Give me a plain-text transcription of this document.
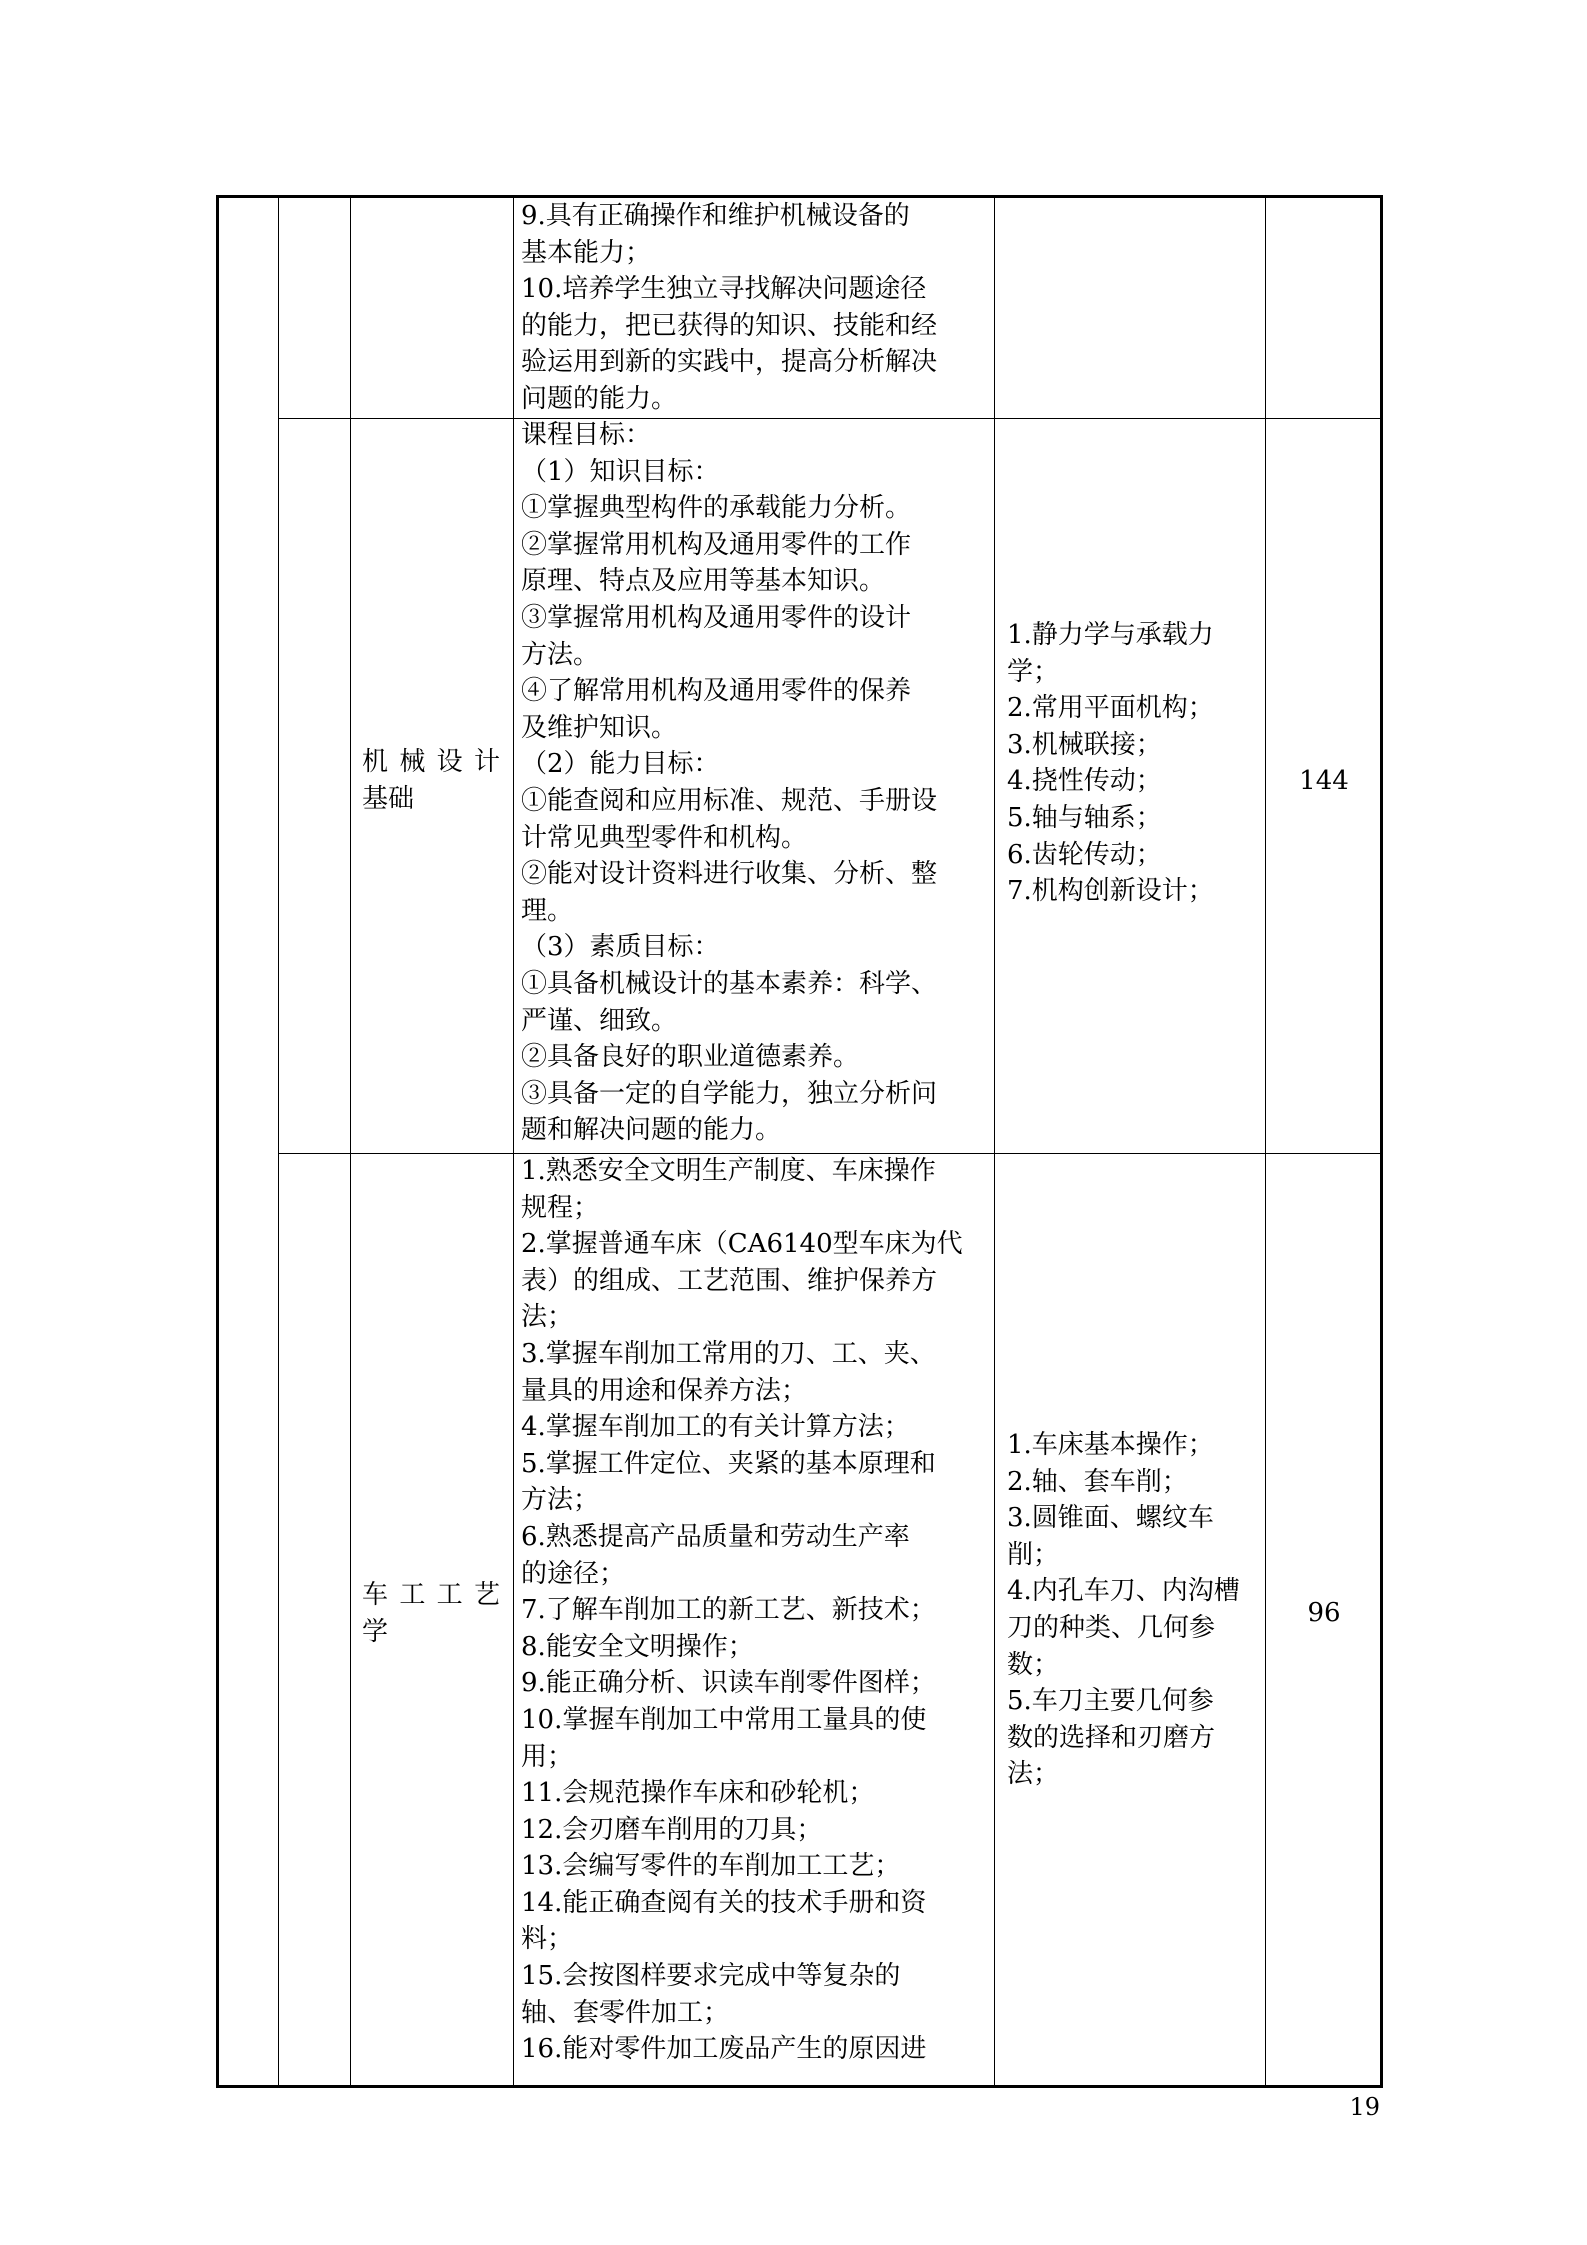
9.具有正确操作和维护机械设备的
基本能力；
10.培养学生独立寻找解决问题途径
的能力，把已获得的知识、技能和经
验运用到新的实践中，提高分析解决
问题的能力。
机械设计
基础
课程目标：
（1）知识目标：
①掌握典型构件的承载能力分析。
②掌握常用机构及通用零件的工作
原理、特点及应用等基本知识。
③掌握常用机构及通用零件的设计
方法。
④了解常用机构及通用零件的保养
及维护知识。
（2）能力目标：
①能查阅和应用标准、规范、手册设
计常见典型零件和机构。
②能对设计资料进行收集、分析、整
理。
（3）素质目标：
①具备机械设计的基本素养：科学、
严谨、细致。
②具备良好的职业道德素养。
③具备一定的自学能力，独立分析问
题和解决问题的能力。
1.静力学与承载力
学；
2.常用平面机构；
3.机械联接；
4.挠性传动；
5.轴与轴系；
6.齿轮传动；
7.机构创新设计；
144
车工工艺
学
1.熟悉安全文明生产制度、车床操作
规程；
2.掌握普通车床（CA6140型车床为代
表）的组成、工艺范围、维护保养方
法；
3.掌握车削加工常用的刀、工、夹、
量具的用途和保养方法；
4.掌握车削加工的有关计算方法；
5.掌握工件定位、夹紧的基本原理和
方法；
6.熟悉提高产品质量和劳动生产率
的途径；
7.了解车削加工的新工艺、新技术；
8.能安全文明操作；
9.能正确分析、识读车削零件图样；
10.掌握车削加工中常用工量具的使
用；
11.会规范操作车床和砂轮机；
12.会刃磨车削用的刀具；
13.会编写零件的车削加工工艺；
14.能正确查阅有关的技术手册和资
料；
15.会按图样要求完成中等复杂的
轴、套零件加工；
16.能对零件加工废品产生的原因进
1.车床基本操作；
2.轴、套车削；
3.圆锥面、螺纹车
削；
4.内孔车刀、内沟槽
刀的种类、几何参
数；
5.车刀主要几何参
数的选择和刃磨方
法；
96
19
